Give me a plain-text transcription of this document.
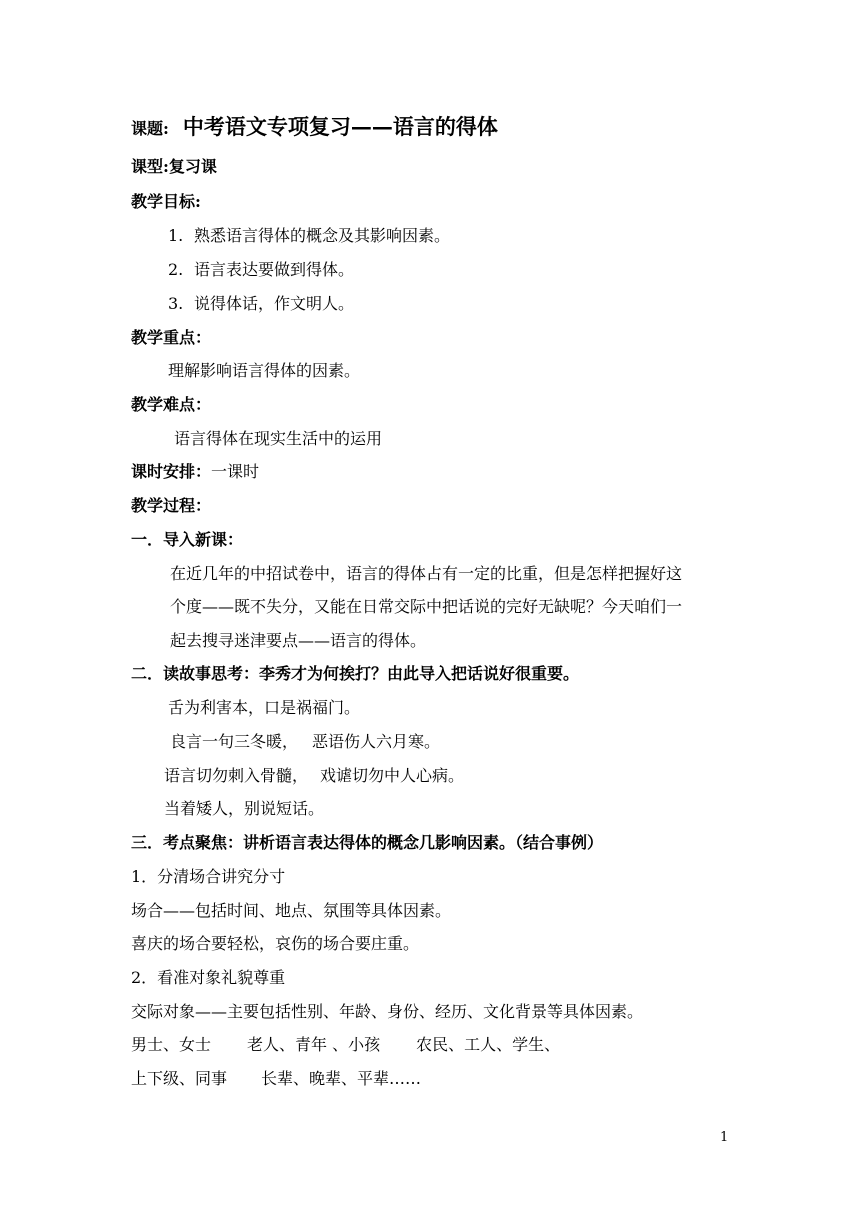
课题: 中考语文专项复习——语言的得体
课型:复习课
教学目标:
1. 熟悉语言得体的概念及其影响因素。
2. 语言表达要做到得体。
3. 说得体话，作文明人。
教学重点：
理解影响语言得体的因素。
教学难点：
语言得体在现实生活中的运用
课时安排：一课时
教学过程：
一．导入新课：
在近几年的中招试卷中，语言的得体占有一定的比重，但是怎样把握好这
个度——既不失分，又能在日常交际中把话说的完好无缺呢？今天咱们一
起去搜寻迷津要点——语言的得体。
二．读故事思考：李秀才为何挨打？由此导入把话说好很重要。
舌为利害本，口是祸福门。
良言一句三冬暖， 恶语伤人六月寒。
语言切勿刺入骨髓， 戏谑切勿中人心病。
当着矮人，别说短话。
三．考点聚焦：讲析语言表达得体的概念几影响因素。（结合事例）
1．分清场合讲究分寸
场合——包括时间、地点、氛围等具体因素。
喜庆的场合要轻松，哀伤的场合要庄重。
2．看准对象礼貌尊重
交际对象——主要包括性别、年龄、身份、经历、文化背景等具体因素。
男士、女士 老人、青年 、小孩 农民、工人、学生、
上下级、同事 长辈、晚辈、平辈……
1
